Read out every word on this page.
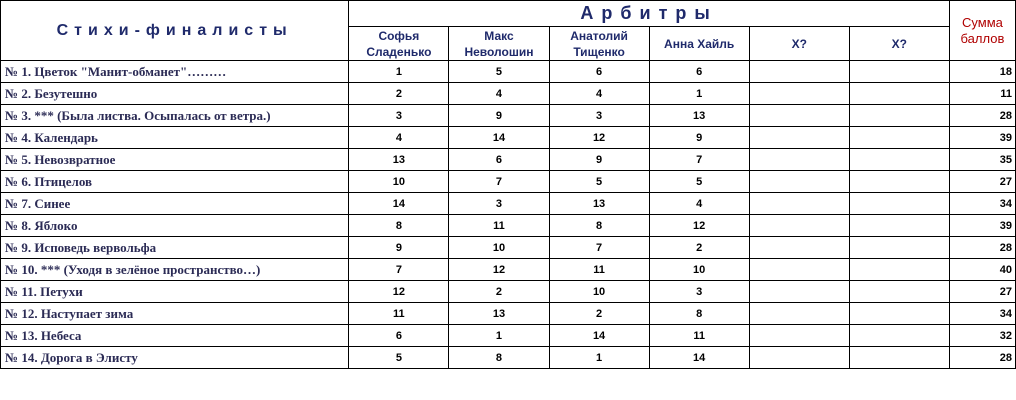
Стихи-финалисты	Арбитры						Сумма баллов
	Софья Сладенько	Макс Неволошин	Анатолий Тищенко	Анна Хайль	Х?	Х?	
№ 1. Цветок "Манит-обманет"………	1	5	6	6			18
№ 2. Безутешно	2	4	4	1			11
№ 3. *** (Была листва. Осыпалась от ветра.)	3	9	3	13			28
№ 4. Календарь	4	14	12	9			39
№ 5. Невозвратное	13	6	9	7			35
№ 6. Птицелов	10	7	5	5			27
№ 7. Синее	14	3	13	4			34
№ 8. Яблоко	8	11	8	12			39
№ 9. Исповедь вервольфа	9	10	7	2			28
№ 10. *** (Уходя в зелёное пространство…)	7	12	11	10			40
№ 11. Петухи	12	2	10	3			27
№ 12. Наступает зима	11	13	2	8			34
№ 13. Небеса	6	1	14	11			32
№ 14. Дорога в Элисту	5	8	1	14			28
